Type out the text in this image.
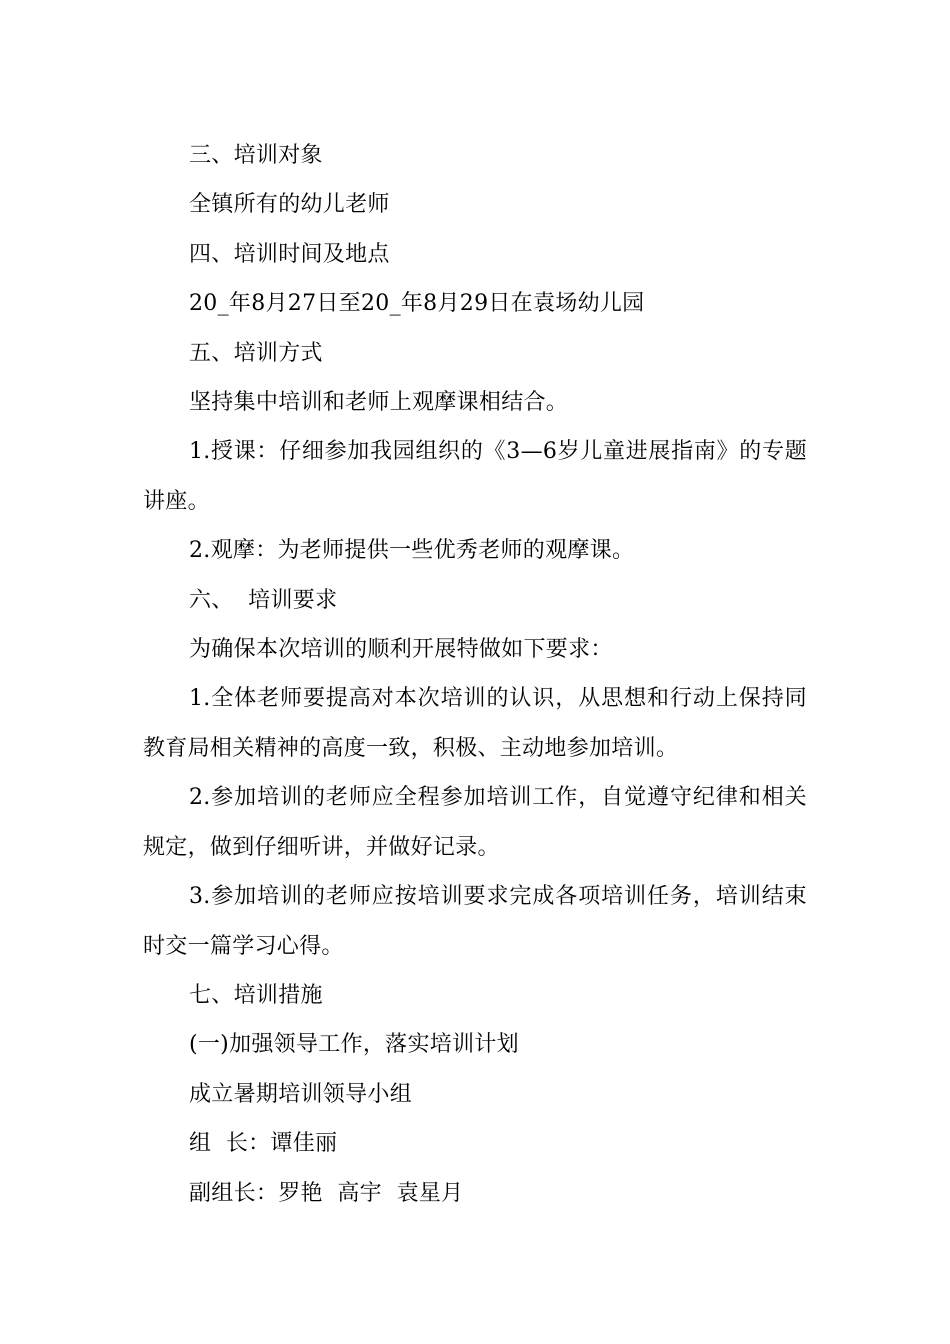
三、培训对象
全镇所有的幼儿老师
四、培训时间及地点
20_年8月27日至20_年8月29日在袁场幼儿园
五、培训方式
坚持集中培训和老师上观摩课相结合。
1.授课：仔细参加我园组织的《3—6岁儿童进展指南》的专题讲座。
2.观摩：为老师提供一些优秀老师的观摩课。
六、  培训要求
为确保本次培训的顺利开展特做如下要求：
1.全体老师要提高对本次培训的认识，从思想和行动上保持同教育局相关精神的高度一致，积极、主动地参加培训。
2.参加培训的老师应全程参加培训工作，自觉遵守纪律和相关规定，做到仔细听讲，并做好记录。
3.参加培训的老师应按培训要求完成各项培训任务，培训结束时交一篇学习心得。
七、培训措施
(一)加强领导工作，落实培训计划
成立暑期培训领导小组
组  长：谭佳丽
副组长：罗艳  高宇  袁星月
